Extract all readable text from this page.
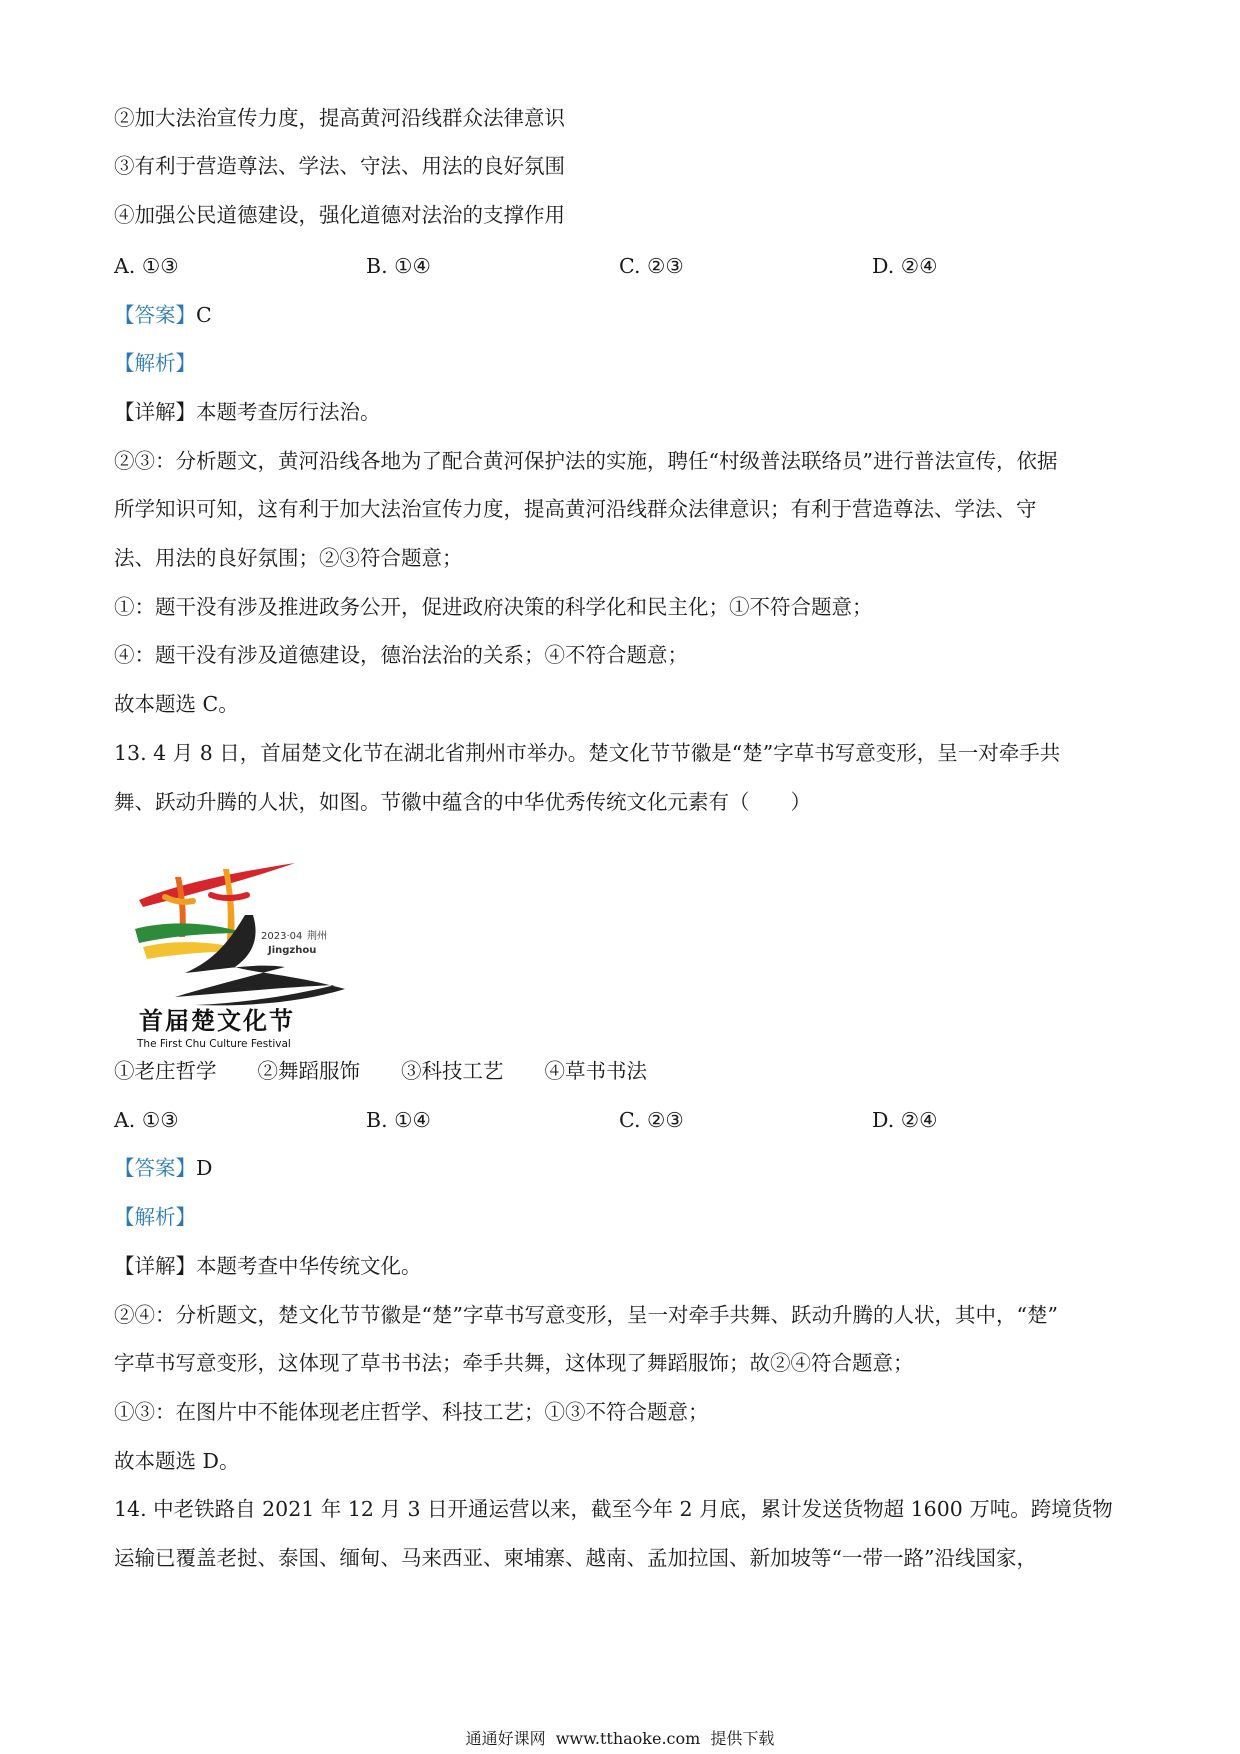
②加大法治宣传力度，提高黄河沿线群众法律意识
③有利于营造尊法、学法、守法、用法的良好氛围
④加强公民道德建设，强化道德对法治的支撑作用
A. ①③	B. ①④	C. ②③	D. ②④
【答案】C
【解析】
【详解】本题考查厉行法治。
②③：分析题文，黄河沿线各地为了配合黄河保护法的实施，聘任“村级普法联络员”进行普法宣传，依据
所学知识可知，这有利于加大法治宣传力度，提高黄河沿线群众法律意识；有利于营造尊法、学法、守
法、用法的良好氛围；②③符合题意；
①：题干没有涉及推进政务公开，促进政府决策的科学化和民主化；①不符合题意；
④：题干没有涉及道德建设，德治法治的关系；④不符合题意；
故本题选 C。
13. 4 月 8 日，首届楚文化节在湖北省荆州市举办。楚文化节节徽是“楚”字草书写意变形，呈一对牵手共
舞、跃动升腾的人状，如图。节徽中蕴含的中华优秀传统文化元素有（　　）
2023·04 荆州
Jingzhou
首届楚文化节
The First Chu Culture Festival
①老庄哲学　　②舞蹈服饰　　③科技工艺　　④草书书法
A. ①③	B. ①④	C. ②③	D. ②④
【答案】D
【解析】
【详解】本题考查中华传统文化。
②④：分析题文，楚文化节节徽是“楚”字草书写意变形，呈一对牵手共舞、跃动升腾的人状，其中，“楚”
字草书写意变形，这体现了草书书法；牵手共舞，这体现了舞蹈服饰；故②④符合题意；
①③：在图片中不能体现老庄哲学、科技工艺；①③不符合题意；
故本题选 D。
14. 中老铁路自 2021 年 12 月 3 日开通运营以来，截至今年 2 月底，累计发送货物超 1600 万吨。跨境货物
运输已覆盖老挝、泰国、缅甸、马来西亚、柬埔寨、越南、孟加拉国、新加坡等“一带一路”沿线国家，
通通好课网 www.tthaoke.com 提供下载
